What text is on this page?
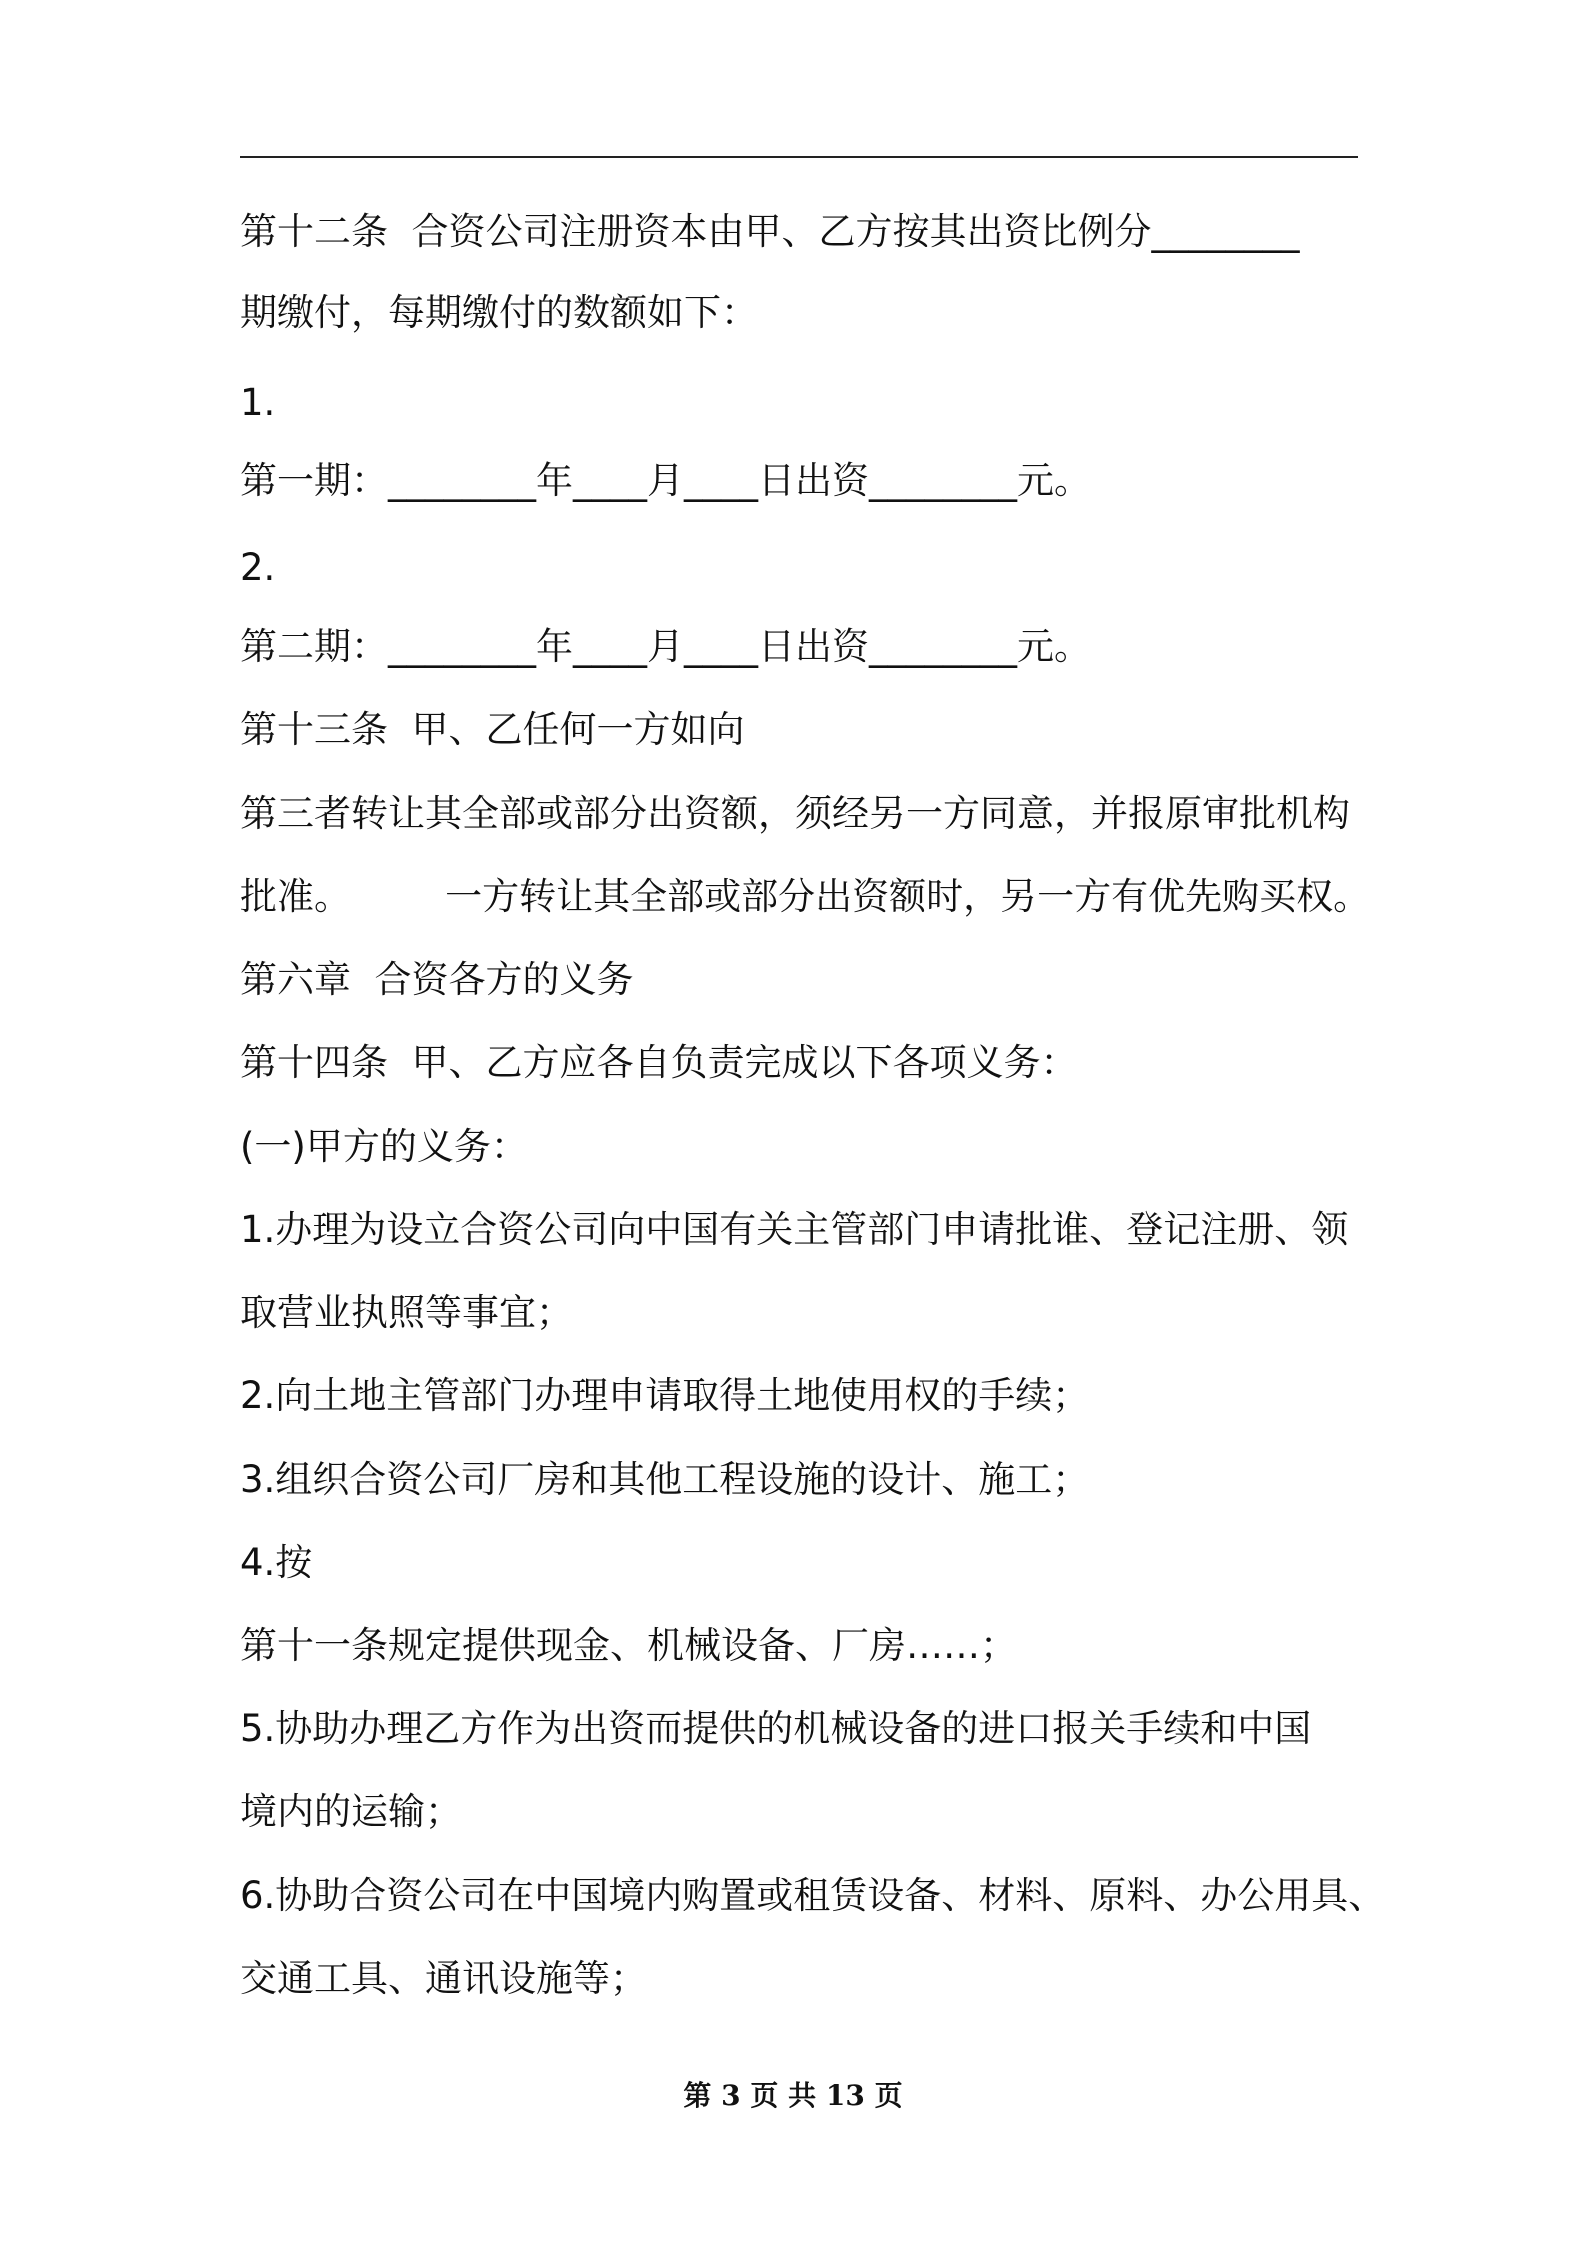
第十二条  合资公司注册资本由甲、乙方按其出资比例分________
期缴付，每期缴付的数额如下：
1.
第一期：________年____月____日出资________元。
2.
第二期：________年____月____日出资________元。
第十三条  甲、乙任何一方如向
第三者转让其全部或部分出资额，须经另一方同意，并报原审批机构
批准。        一方转让其全部或部分出资额时，另一方有优先购买权。
第六章  合资各方的义务
第十四条  甲、乙方应各自负责完成以下各项义务：
(一)甲方的义务：
1.办理为设立合资公司向中国有关主管部门申请批谁、登记注册、领
取营业执照等事宜；
2.向土地主管部门办理申请取得土地使用权的手续；
3.组织合资公司厂房和其他工程设施的设计、施工；
4.按
第十一条规定提供现金、机械设备、厂房……；
5.协助办理乙方作为出资而提供的机械设备的进口报关手续和中国
境内的运输；
6.协助合资公司在中国境内购置或租赁设备、材料、原料、办公用具、
交通工具、通讯设施等；
第 3 页 共 13 页
